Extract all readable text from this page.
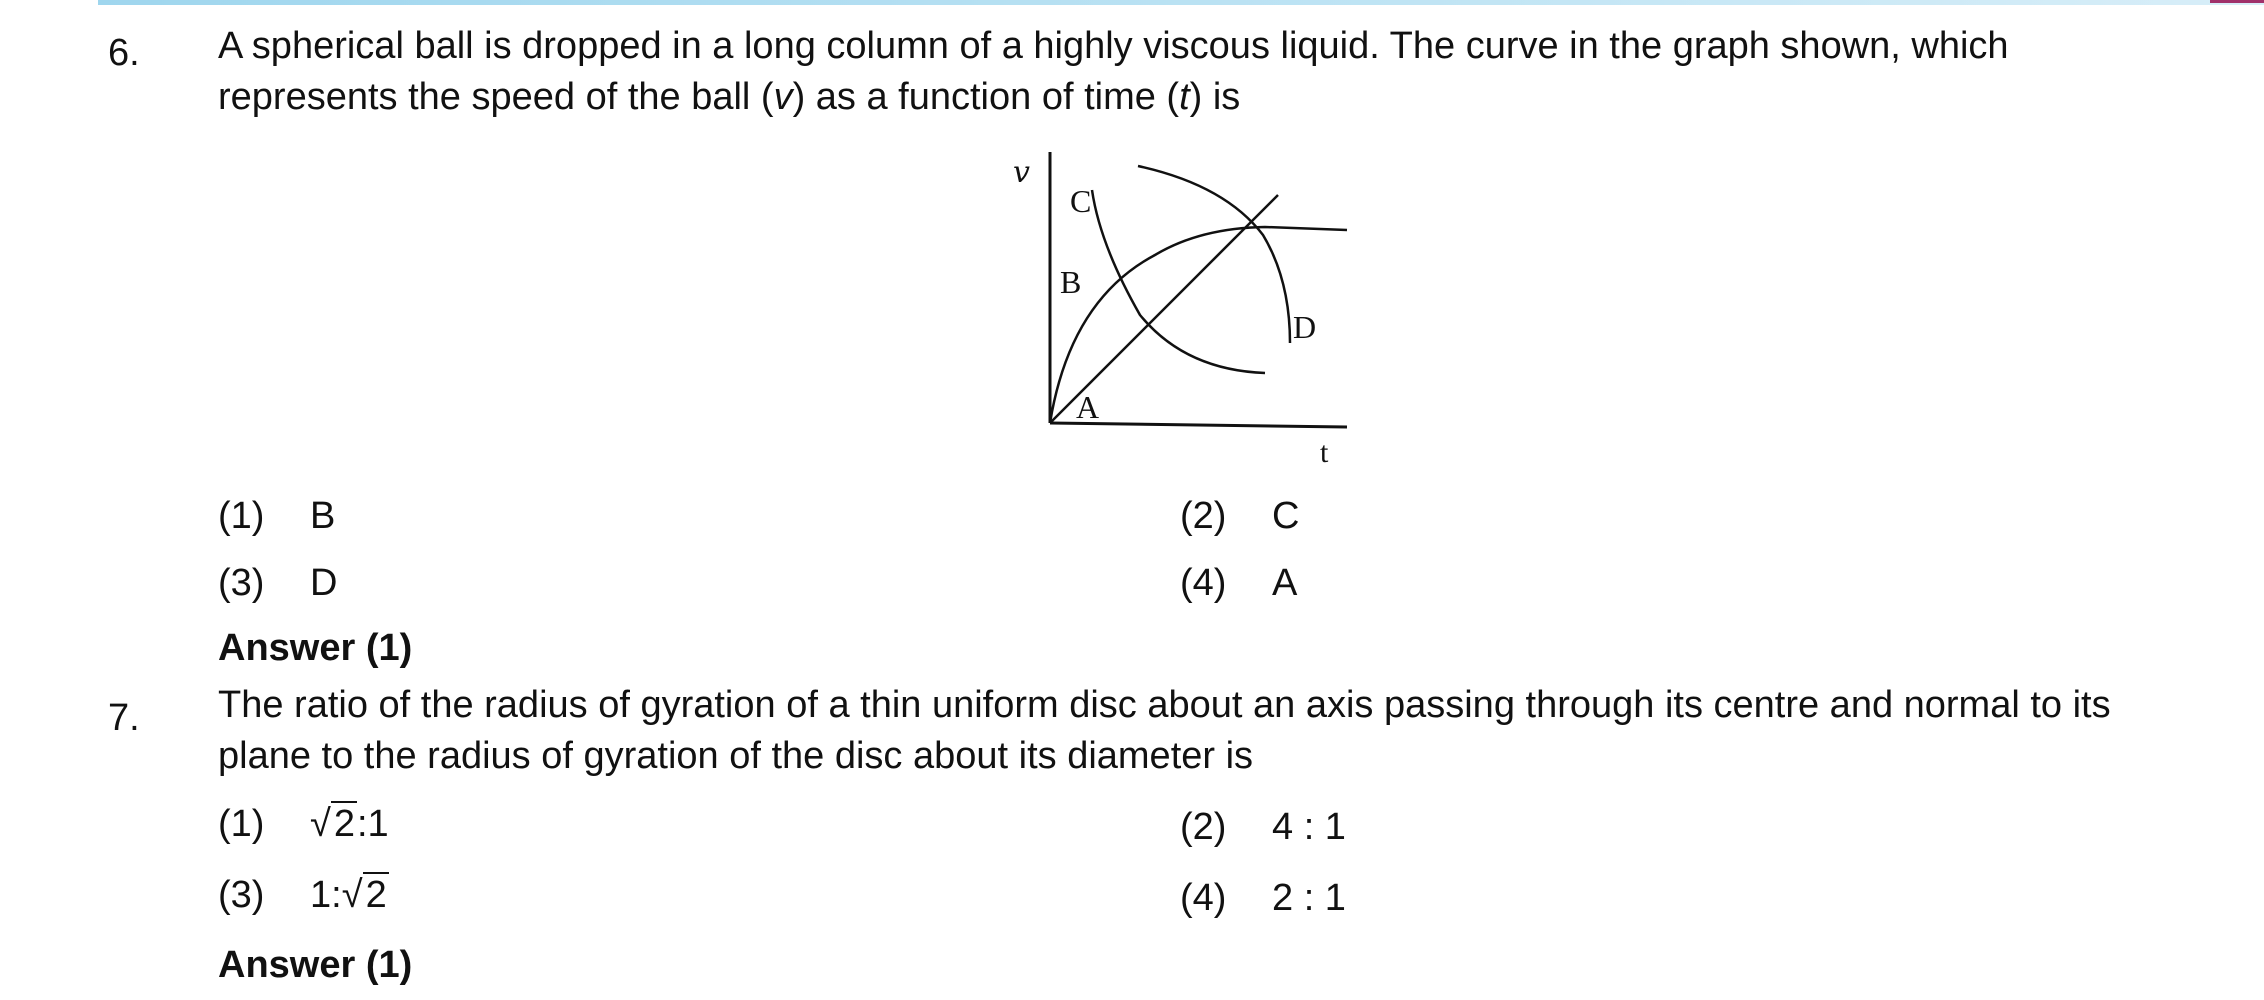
6. A spherical ball is dropped in a long column of a highly viscous liquid. The curve in the graph shown, which represents the speed of the ball (v) as a function of time (t) is
v
t
A
B
C
D
(1) B	(2) C
(3) D	(4) A
Answer (1)
7. The ratio of the radius of gyration of a thin uniform disc about an axis passing through its centre and normal to its plane to the radius of gyration of the disc about its diameter is
(1) √2:1	(2) 4 : 1
(3) 1:√2	(4) 2 : 1
Answer (1)
